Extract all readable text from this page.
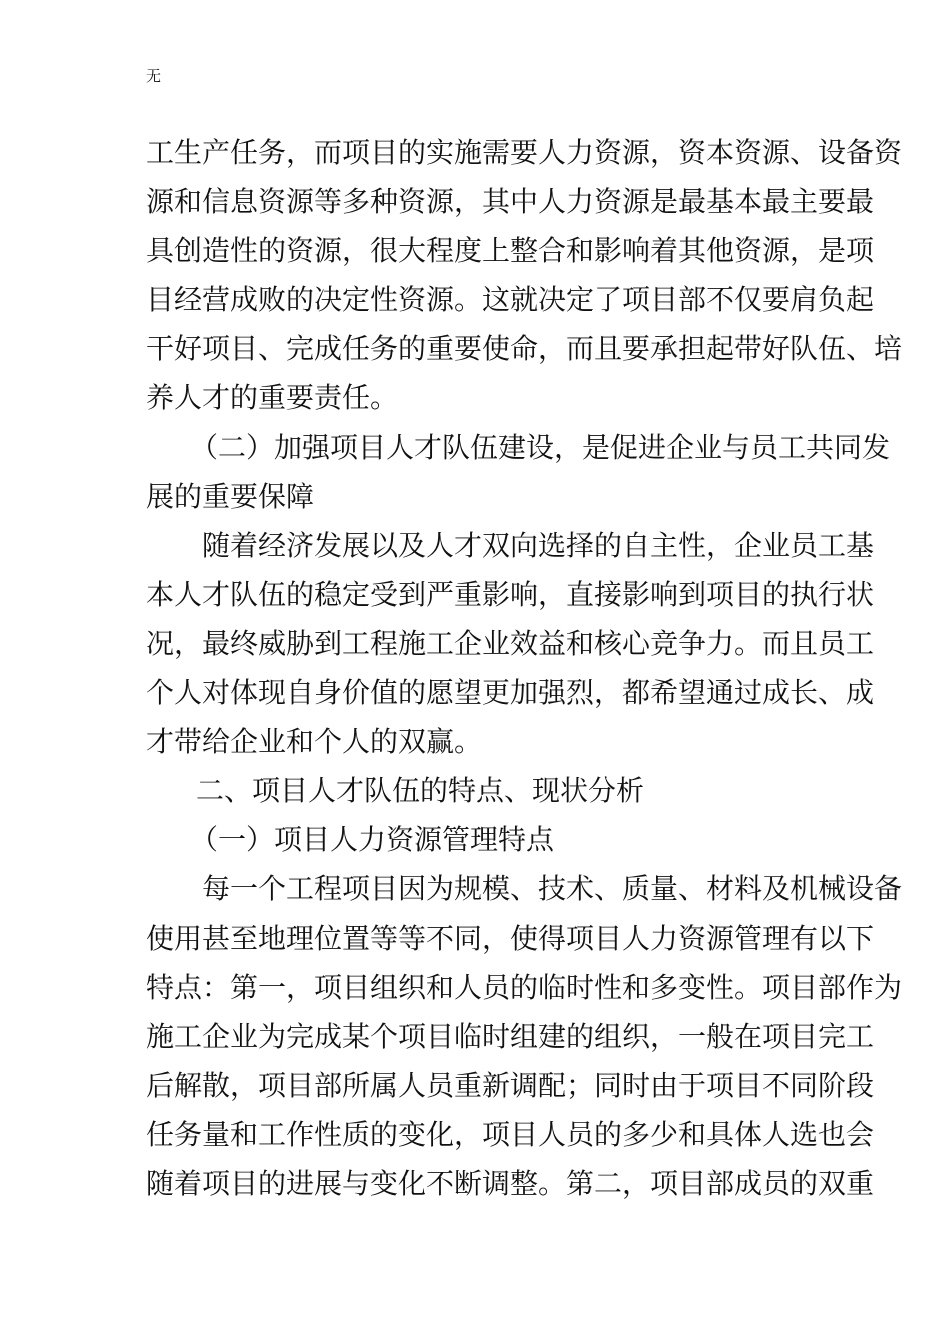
无
工生产任务，而项目的实施需要人力资源，资本资源、设备资
源和信息资源等多种资源，其中人力资源是最基本最主要最
具创造性的资源，很大程度上整合和影响着其他资源，是项
目经营成败的决定性资源。这就决定了项目部不仅要肩负起
干好项目、完成任务的重要使命，而且要承担起带好队伍、培
养人才的重要责任。
（二）加强项目人才队伍建设，是促进企业与员工共同发
展的重要保障
随着经济发展以及人才双向选择的自主性，企业员工基
本人才队伍的稳定受到严重影响，直接影响到项目的执行状
况，最终威胁到工程施工企业效益和核心竞争力。而且员工
个人对体现自身价值的愿望更加强烈，都希望通过成长、成
才带给企业和个人的双赢。
二、项目人才队伍的特点、现状分析
（一）项目人力资源管理特点
每一个工程项目因为规模、技术、质量、材料及机械设备
使用甚至地理位置等等不同，使得项目人力资源管理有以下
特点：第一，项目组织和人员的临时性和多变性。项目部作为
施工企业为完成某个项目临时组建的组织，一般在项目完工
后解散，项目部所属人员重新调配；同时由于项目不同阶段
任务量和工作性质的变化，项目人员的多少和具体人选也会
随着项目的进展与变化不断调整。第二，项目部成员的双重
